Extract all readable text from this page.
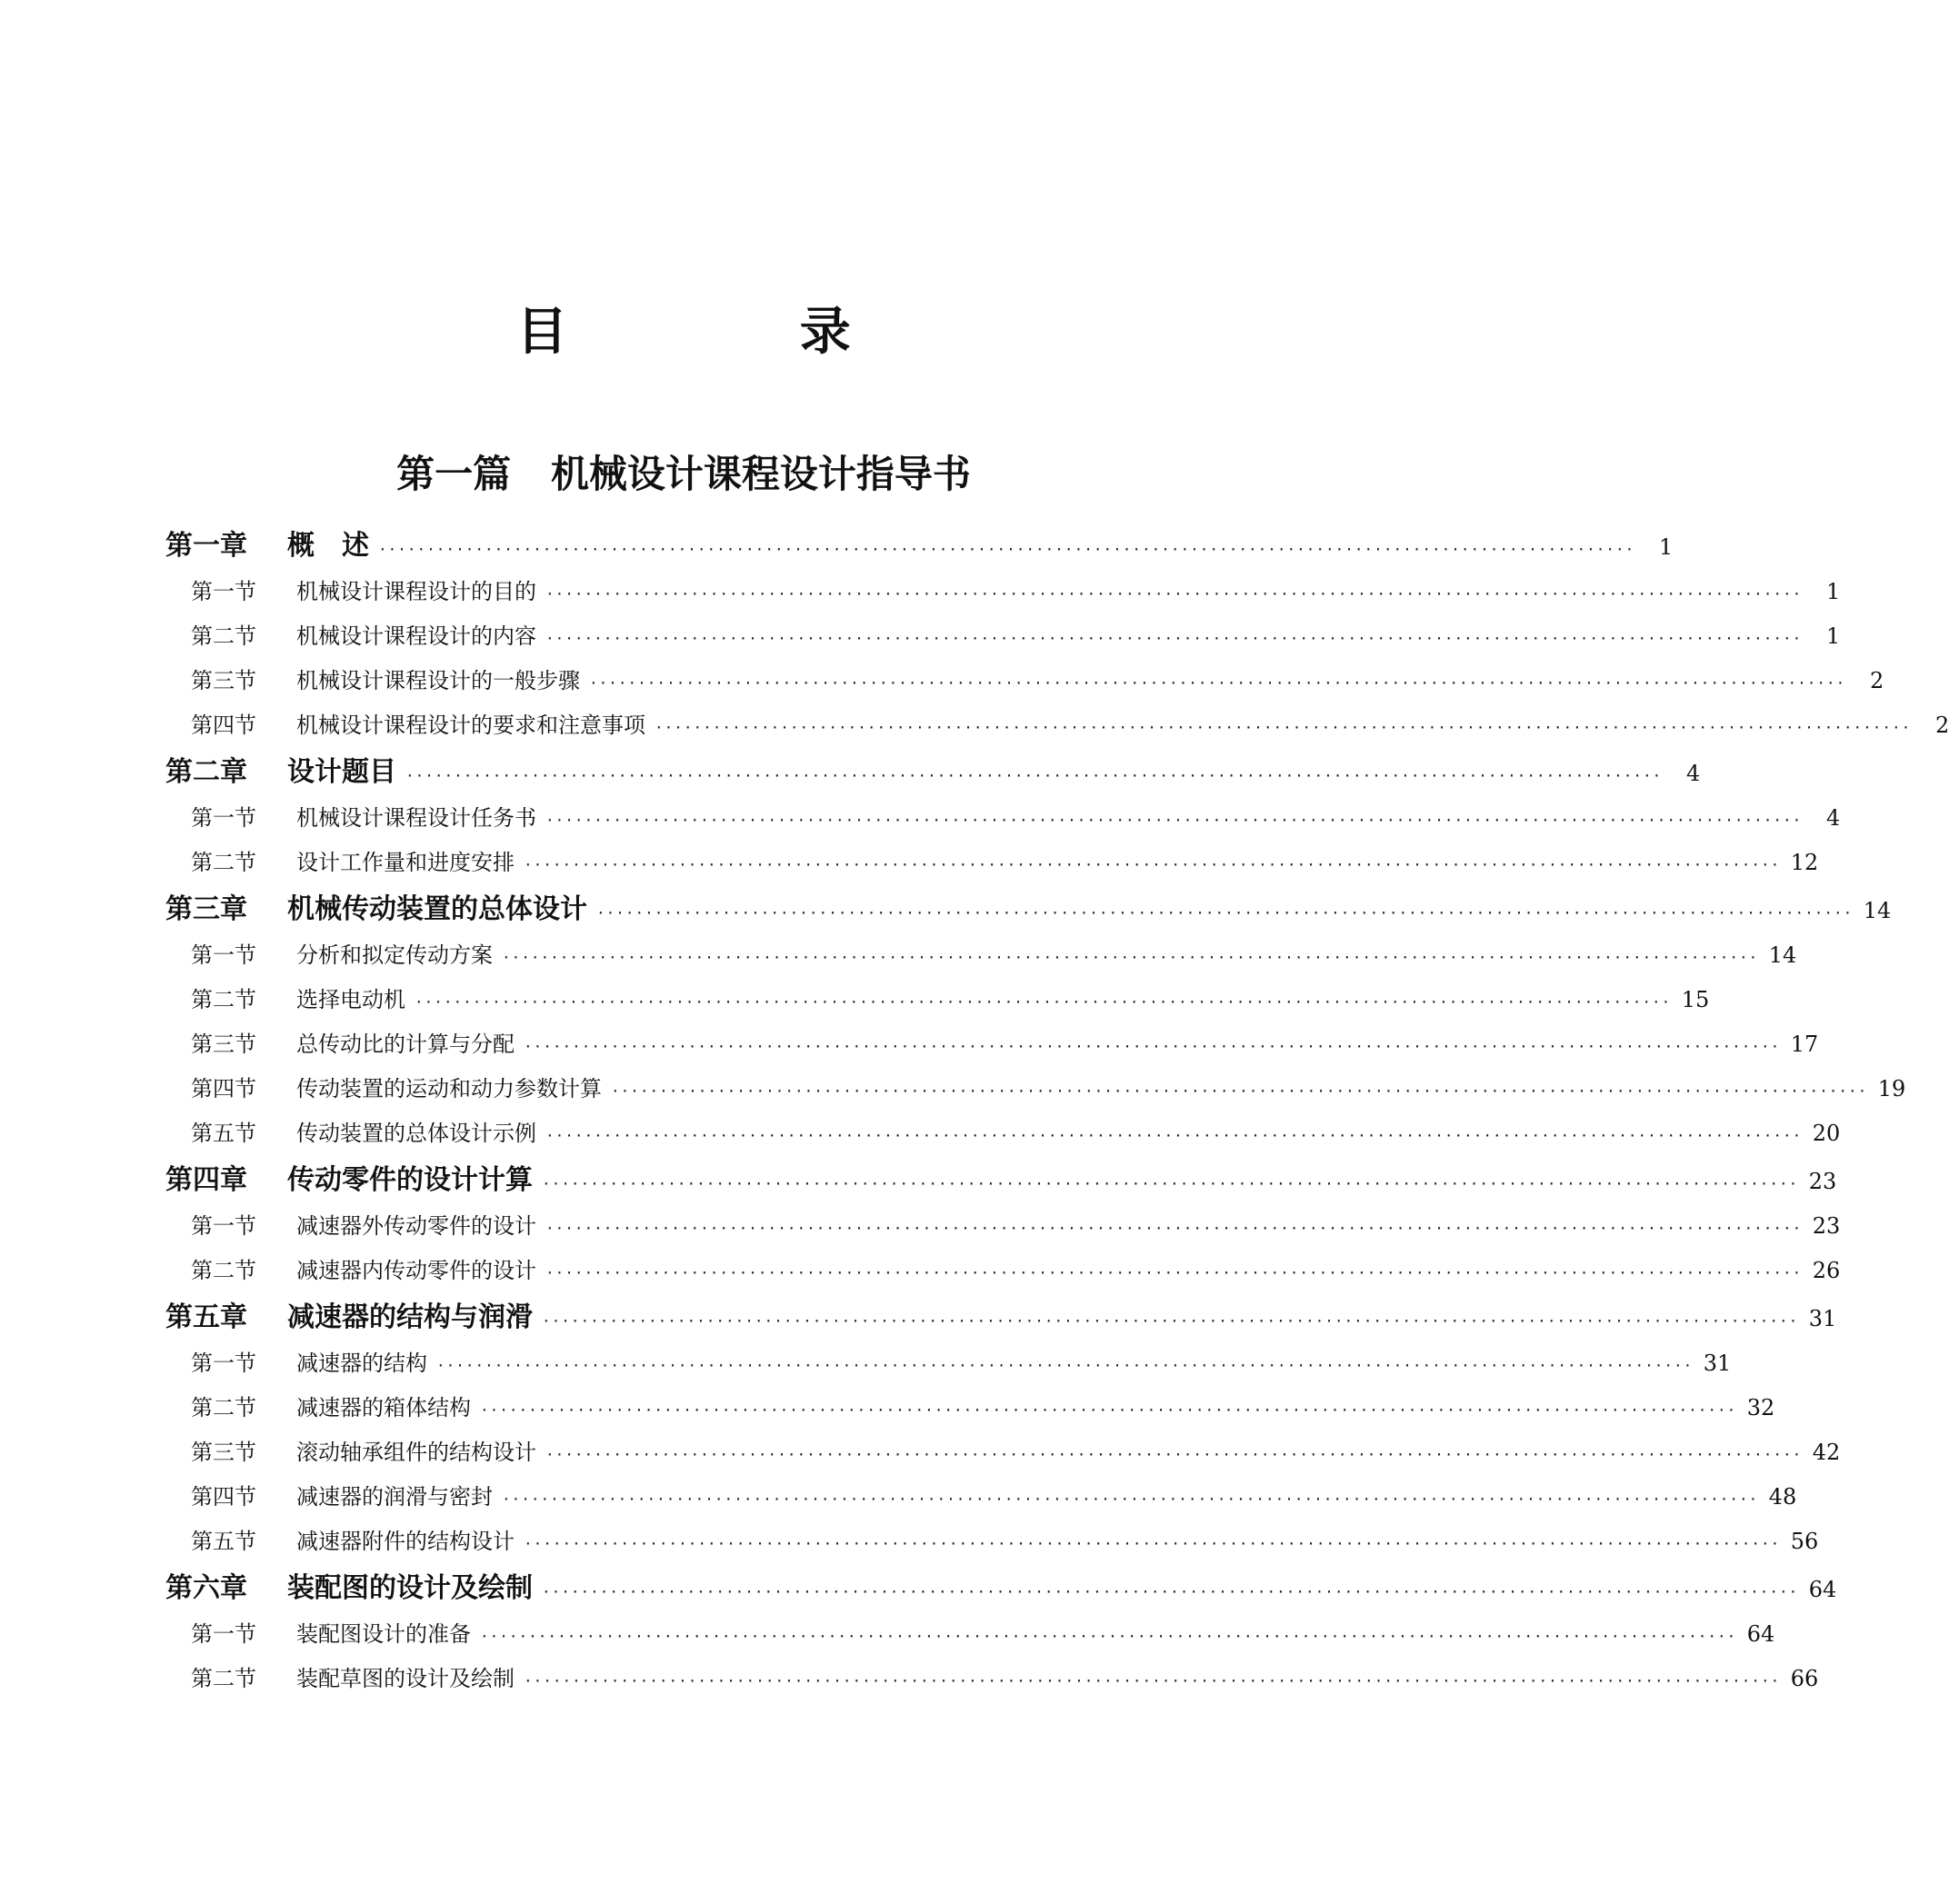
目 录
第一篇   机械设计课程设计指导书
第一章	概　述 ··································································································································	1
第一节	机械设计课程设计的目的 ··································································································································	1
第二节	机械设计课程设计的内容 ··································································································································	1
第三节	机械设计课程设计的一般步骤 ··································································································································	2
第四节	机械设计课程设计的要求和注意事项 ··································································································································	2
第二章	设计题目 ··································································································································	4
第一节	机械设计课程设计任务书 ··································································································································	4
第二节	设计工作量和进度安排 ·································································································································· 12
第三章	机械传动装置的总体设计 ·································································································································· 14
第一节	分析和拟定传动方案 ·································································································································· 14
第二节	选择电动机 ·································································································································· 15
第三节	总传动比的计算与分配 ·································································································································· 17
第四节	传动装置的运动和动力参数计算 ·································································································································· 19
第五节	传动装置的总体设计示例 ·································································································································· 20
第四章	传动零件的设计计算 ·································································································································· 23
第一节	减速器外传动零件的设计 ·································································································································· 23
第二节	减速器内传动零件的设计 ·································································································································· 26
第五章	减速器的结构与润滑 ·································································································································· 31
第一节	减速器的结构 ·································································································································· 31
第二节	减速器的箱体结构 ·································································································································· 32
第三节	滚动轴承组件的结构设计 ·································································································································· 42
第四节	减速器的润滑与密封 ·································································································································· 48
第五节	减速器附件的结构设计 ·································································································································· 56
第六章	装配图的设计及绘制 ·································································································································· 64
第一节	装配图设计的准备 ·································································································································· 64
第二节	装配草图的设计及绘制 ·································································································································· 66
